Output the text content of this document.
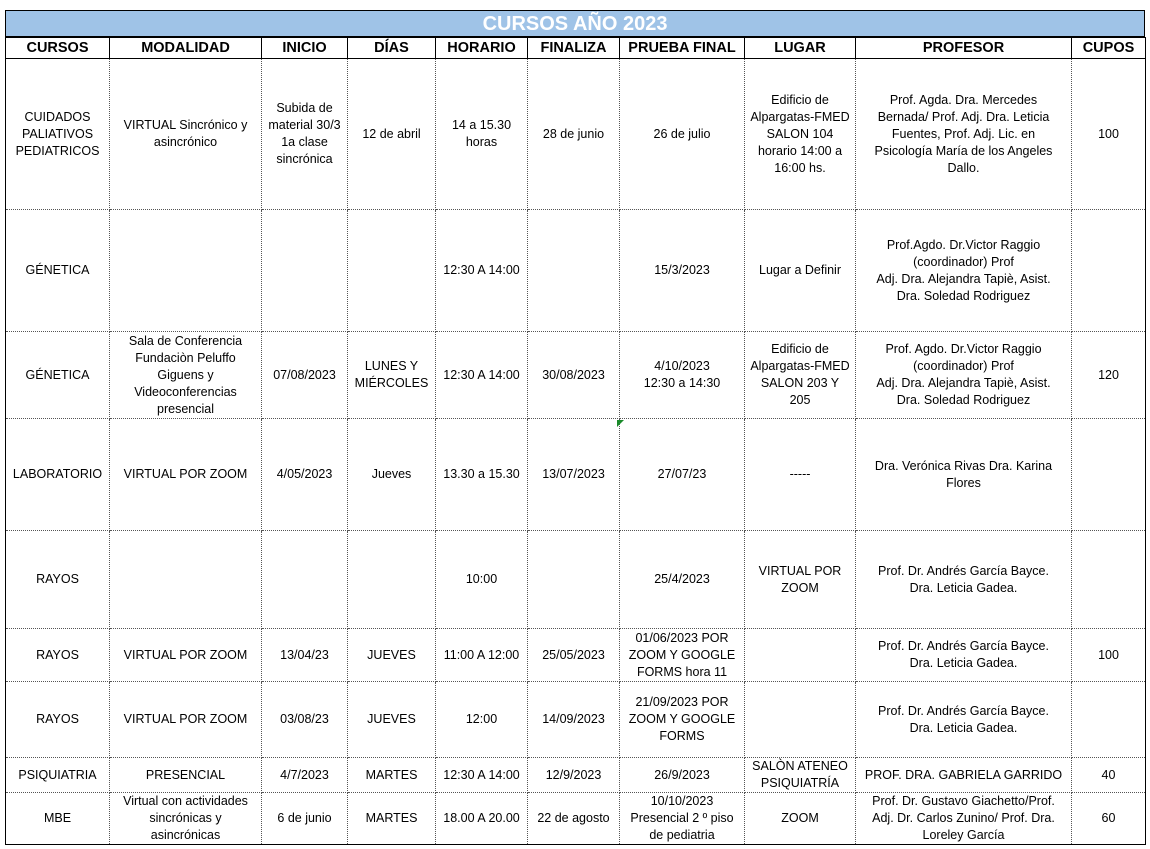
CURSOS AÑO 2023
CURSOS	MODALIDAD	INICIO	DÍAS	HORARIO	FINALIZA	PRUEBA FINAL	LUGAR	PROFESOR	CUPOS
CUIDADOS
PALIATIVOS
PEDIATRICOS	VIRTUAL Sincrónico y
asincrónico	Subida de
material 30/3
1a clase
sincrónica	12 de abril	14 a 15.30
horas	28 de junio	26 de julio	Edificio de
Alpargatas-FMED
SALON 104
horario 14:00 a
16:00 hs.	Prof. Agda. Dra. Mercedes
Bernada/ Prof. Adj. Dra. Leticia
Fuentes, Prof. Adj. Lic. en
Psicología María de los Angeles
Dallo.	100
GÉNETICA				12:30 A 14:00		15/3/2023	Lugar a Definir	Prof.Agdo. Dr.Victor Raggio
(coordinador) Prof
Adj. Dra. Alejandra Tapiè, Asist.
Dra. Soledad Rodriguez	
GÉNETICA	Sala de Conferencia
Fundaciòn Peluffo
Giguens y
Videoconferencias
presencial	07/08/2023	LUNES Y
MIÉRCOLES	12:30 A 14:00	30/08/2023	4/10/2023
12:30 a 14:30	Edificio de
Alpargatas-FMED
SALON 203 Y
205	Prof. Agdo. Dr.Victor Raggio
(coordinador) Prof
Adj. Dra. Alejandra Tapiè, Asist.
Dra. Soledad Rodriguez	120
LABORATORIO	VIRTUAL POR ZOOM	4/05/2023	Jueves	13.30 a 15.30	13/07/2023	27/07/23	-----	Dra. Verónica Rivas Dra. Karina
Flores	
RAYOS				10:00		25/4/2023	VIRTUAL POR
ZOOM	Prof. Dr. Andrés García Bayce.
Dra. Leticia Gadea.	
RAYOS	VIRTUAL POR ZOOM	13/04/23	JUEVES	11:00 A 12:00	25/05/2023	01/06/2023 POR
ZOOM Y GOOGLE
FORMS hora 11		Prof. Dr. Andrés García Bayce.
Dra. Leticia Gadea.	100
RAYOS	VIRTUAL POR ZOOM	03/08/23	JUEVES	12:00	14/09/2023	21/09/2023 POR
ZOOM Y GOOGLE
FORMS		Prof. Dr. Andrés García Bayce.
Dra. Leticia Gadea.	
PSIQUIATRIA	PRESENCIAL	4/7/2023	MARTES	12:30 A 14:00	12/9/2023	26/9/2023	SALÒN ATENEO
PSIQUIATRÍA	PROF. DRA. GABRIELA GARRIDO	40
MBE	Virtual con actividades
sincrónicas y
asincrónicas	6 de junio	MARTES	18.00 A 20.00	22 de agosto	10/10/2023
Presencial 2 º piso
de pediatria	ZOOM	Prof. Dr. Gustavo Giachetto/Prof.
Adj. Dr. Carlos Zunino/ Prof. Dra.
Loreley García	60
